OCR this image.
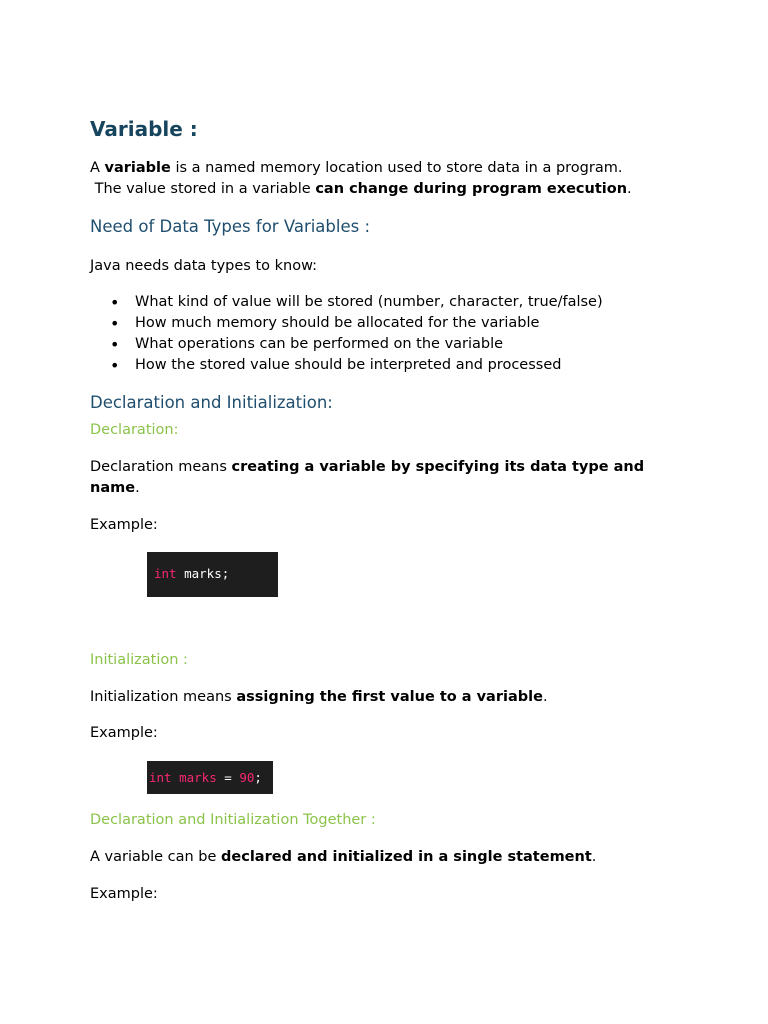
Variable :
A variable is a named memory location used to store data in a program.
The value stored in a variable can change during program execution.
Need of Data Types for Variables :
Java needs data types to know:
• What kind of value will be stored (number, character, true/false)
• How much memory should be allocated for the variable
• What operations can be performed on the variable
• How the stored value should be interpreted and processed
Declaration and Initialization:
Declaration:
Declaration means creating a variable by specifying its data type and
name.
Example:
int marks;
Initialization :
Initialization means assigning the first value to a variable.
Example:
int marks = 90;
Declaration and Initialization Together :
A variable can be declared and initialized in a single statement.
Example:
